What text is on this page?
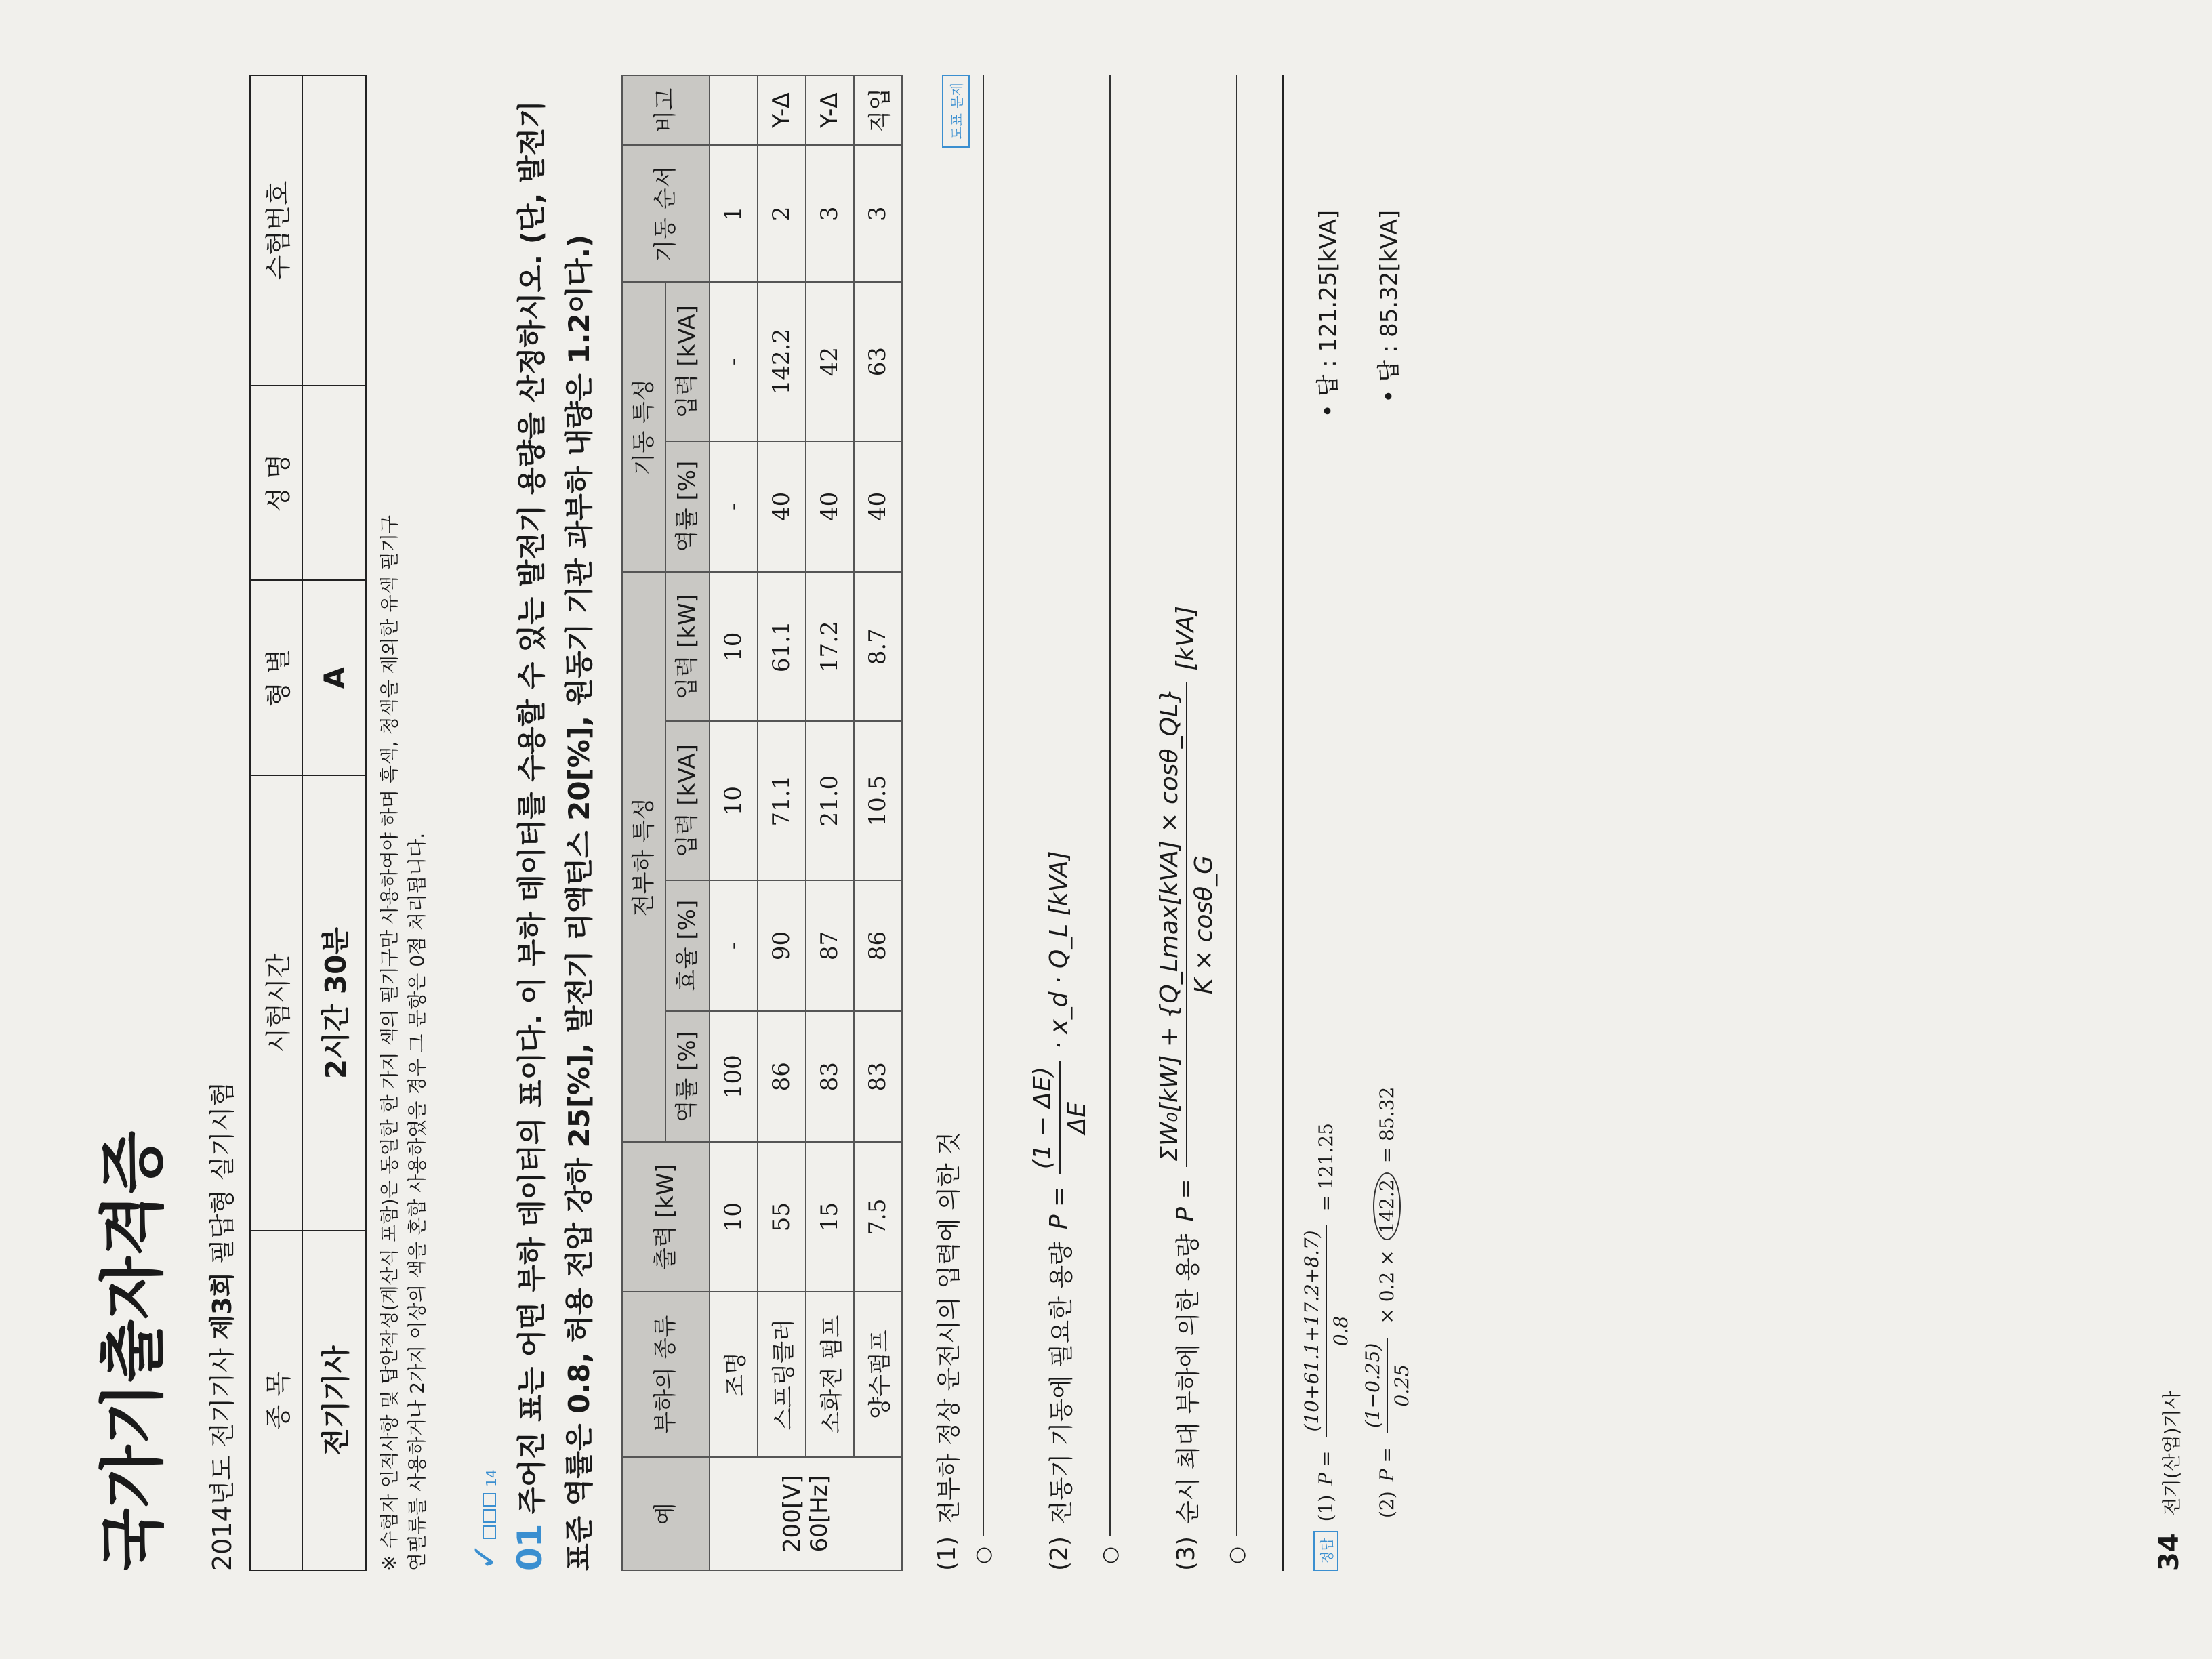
국가기출자격증 2014년도 전기기사 제3회 필답형 실기시험
종 목	시험시간	형 별	성 명	수험번호
전기기사	2시간 30분	A		※ 수험자 인적사항 및 답안작성(계산식 포함)은 동일한 한 가지 색의 필기구만 사용하여야 하며 흑색, 청색을 제외한 유색 필기구 연필류를 사용하거나 2가지 이상의 색을 혼합 사용하였을 경우 그 문항은 0점 처리됩니다.
도표 문제
✓
14
01주어진 표는 어떤 부하 데이터의 표이다. 이 부하 데이터를 수용할 수 있는 발전기 용량을 산정하시오. (단, 발전기 표준 역률은 0.8, 허용 전압 강하 25[%], 발전기 리액턴스 20[%], 원동기 기관 과부하 내량은 1.2이다.) 예	부하의 종류	출력 [kW]	전부하 특성				기동 특성		기동 순서	비고
			역률 [%]	효율 [%]	입력 [kVA]	입력 [kW]	역률 [%]	입력 [kVA]		

200[V] 60[Hz]	조명	10	100	-	10	10	-	-	1	
	스프링클러	55	86	90	71.1	61.1	40	142.2	2	Y-Δ
	소화전 펌프	15	83	87	21.0	17.2	40	42	3	Y-Δ
	양수펌프	7.5	83	86	10.5	8.7	40	63	3	직입
(1)
전부하 정상 운전시의 입력에 의한 것
○ (2)
전동기 기동에 필요한 용량
P =
(1 − ΔE) ΔE
· x_d · Q_L [kVA]
○ (3)
순시 최대 부하에 의한 용량
P =
ΣW₀[kW] + {Q_Lmax[kVA] × cosθ_QL} K × cosθ_G
[kVA]
○	정답
(1)
P =
(10+61.1+17.2+8.7) 0.8
= 121.25
• 답 : 121.25[kVA]
(2)
P =
(1−0.25) 0.25
× 0.2 ×
142.2
= 85.32
• 답 : 85.32[kVA]
34전기(산업)기사
